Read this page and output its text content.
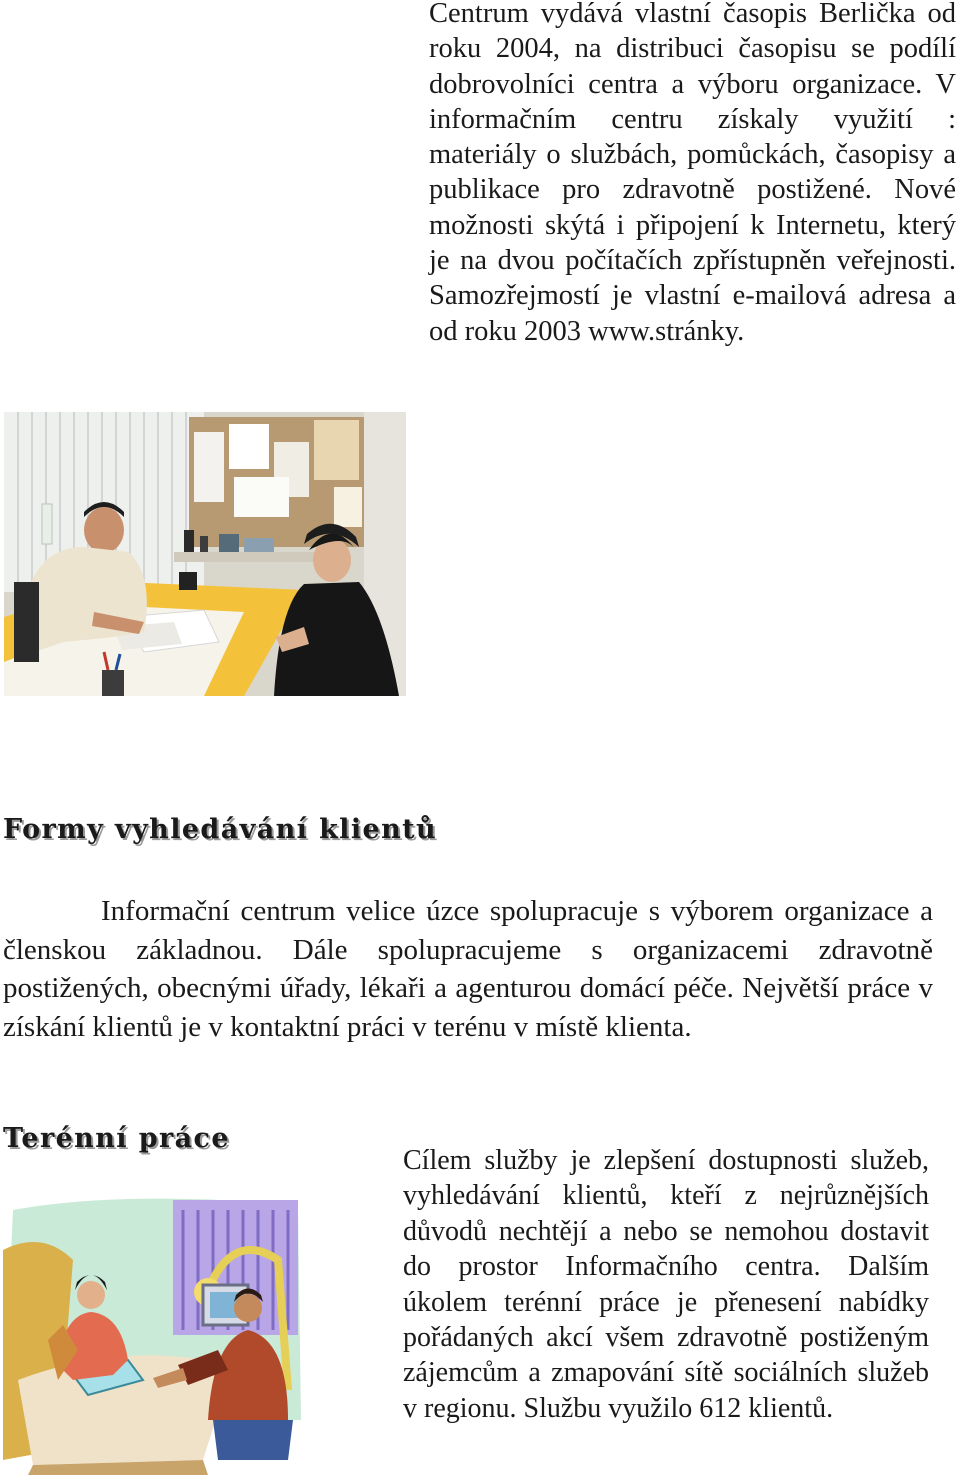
Centrum vydává vlastní časopis Berlička od roku 2004, na distribuci časopisu se podílí dobrovolníci centra a výboru organizace. V informačním centru získaly využití : materiály o službách, pomůckách, časopisy a publikace pro zdravotně postižené. Nové možnosti skýtá i připojení k Internetu, který je na dvou počítačích zpřístupněn veřejnosti. Samozřejmostí je vlastní e-mailová adresa a od roku 2003 www.stránky.

Formy vyhledávání klientů

Informační centrum velice úzce spolupracuje s výborem organizace a členskou základnou. Dále spolupracujeme s organizacemi zdravotně postižených, obecnými úřady, lékaři a agenturou domácí péče. Největší práce v získání klientů je v kontaktní práci v terénu v místě klienta.

Terénní práce

Cílem služby je zlepšení dostupnosti služeb, vyhledávání klientů, kteří z nejrůznějších důvodů nechtějí a nebo se nemohou dostavit do prostor Informačního centra. Dalším úkolem terénní práce je přenesení nabídky pořádaných akcí všem zdravotně postiženým zájemcům a zmapování sítě sociálních služeb v regionu. Službu využilo 612 klientů.
